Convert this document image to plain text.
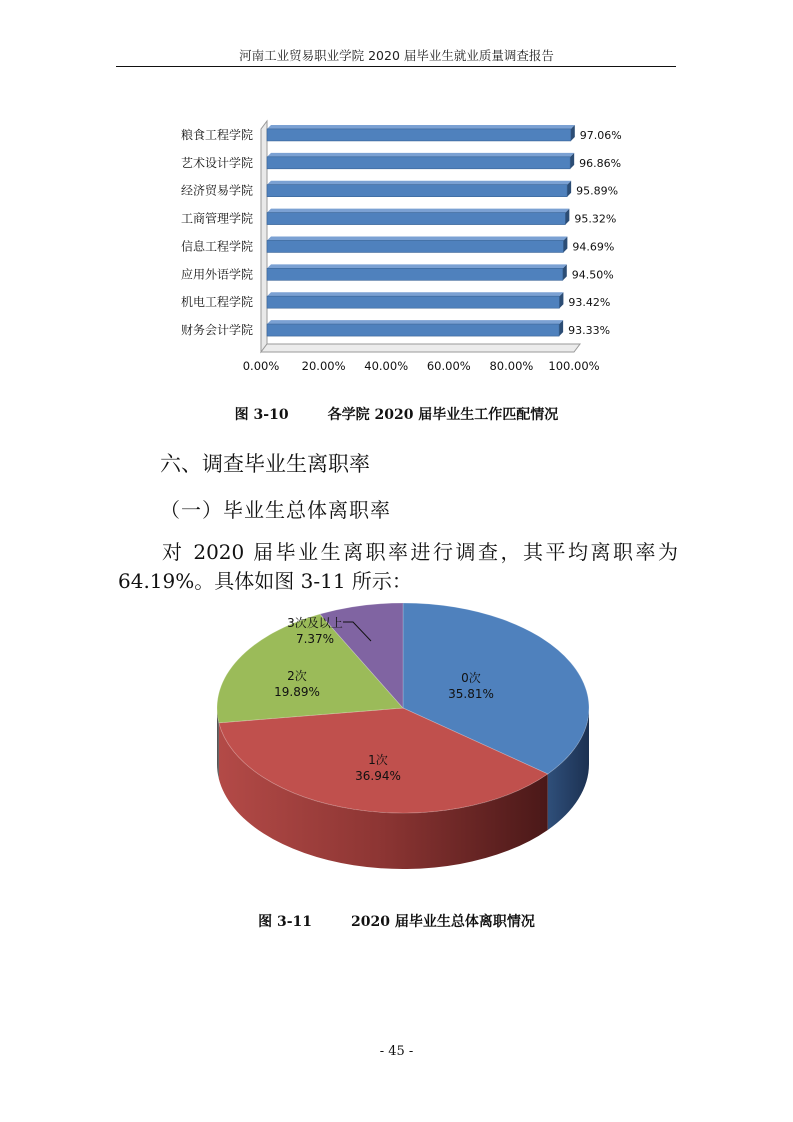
河南工业贸易职业学院 2020 届毕业生就业质量调查报告
粮食工程学院	97.06%
艺术设计学院	96.86%
经济贸易学院	95.89%
工商管理学院	95.32%
信息工程学院	94.69%
应用外语学院	94.50%
机电工程学院	93.42%
财务会计学院	93.33%
0.00% 20.00% 40.00% 60.00% 80.00% 100.00%
图 3-10	各学院 2020 届毕业生工作匹配情况
六、调查毕业生离职率
（一）毕业生总体离职率
对 2020 届毕业生离职率进行调查，其平均离职率为64.19%。具体如图 3-11 所示：
0次
35.81%
1次
36.94%
2次
19.89%
3次及以上
7.37%
图 3-11	2020 届毕业生总体离职情况
- 45 -
